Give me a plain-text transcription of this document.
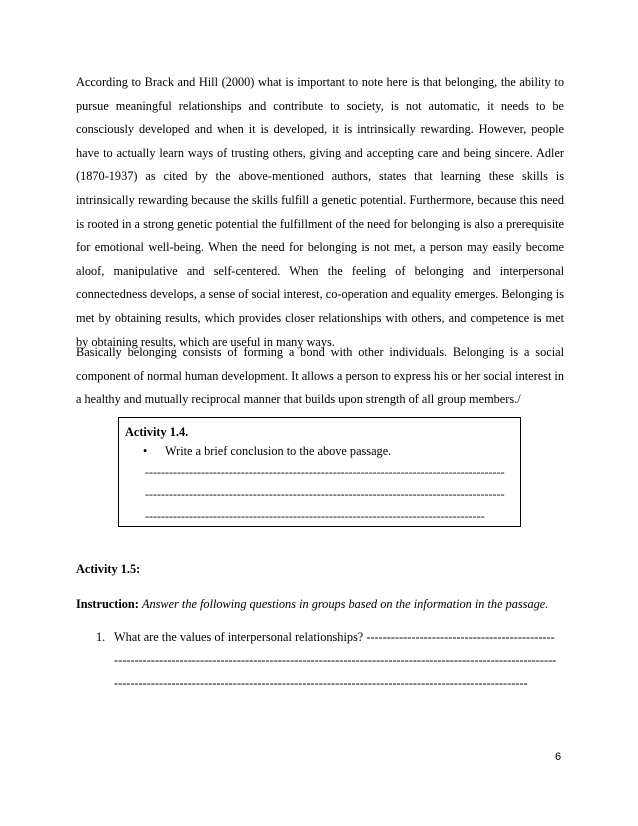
According to Brack and Hill (2000) what is important to note here is that belonging, the ability to pursue meaningful relationships and contribute to society, is not automatic, it needs to be consciously developed and when it is developed, it is intrinsically rewarding. However, people have to actually learn ways of trusting others, giving and accepting care and being sincere. Adler (1870-1937) as cited by the above-mentioned authors, states that learning these skills is intrinsically rewarding because the skills fulfill a genetic potential. Furthermore, because this need is rooted in a strong genetic potential the fulfillment of the need for belonging is also a prerequisite for emotional well-being. When the need for belonging is not met, a person may easily become aloof, manipulative and self-centered. When the feeling of belonging and interpersonal connectedness develops, a sense of social interest, co-operation and equality emerges. Belonging is met by obtaining results, which provides closer relationships with others, and competence is met by obtaining results, which are useful in many ways.

Basically belonging consists of forming a bond with other individuals. Belonging is a social component of normal human development. It allows a person to express his or her social interest in a healthy and mutually reciprocal manner that builds upon strength of all group members./

Activity 1.4.
• Write a brief conclusion to the above passage.
------------------------------------------------------------------------------------------
------------------------------------------------------------------------------------------
-------------------------------------------------------------------------------------
Activity 1.5:
Instruction: Answer the following questions in groups based on the information in the passage.
1. What are the values of interpersonal relationships? ----------------------------------------------
------------------------------------------------------------------------------------------------------------
-----------------------------------------------------------------------------------------------------
6
